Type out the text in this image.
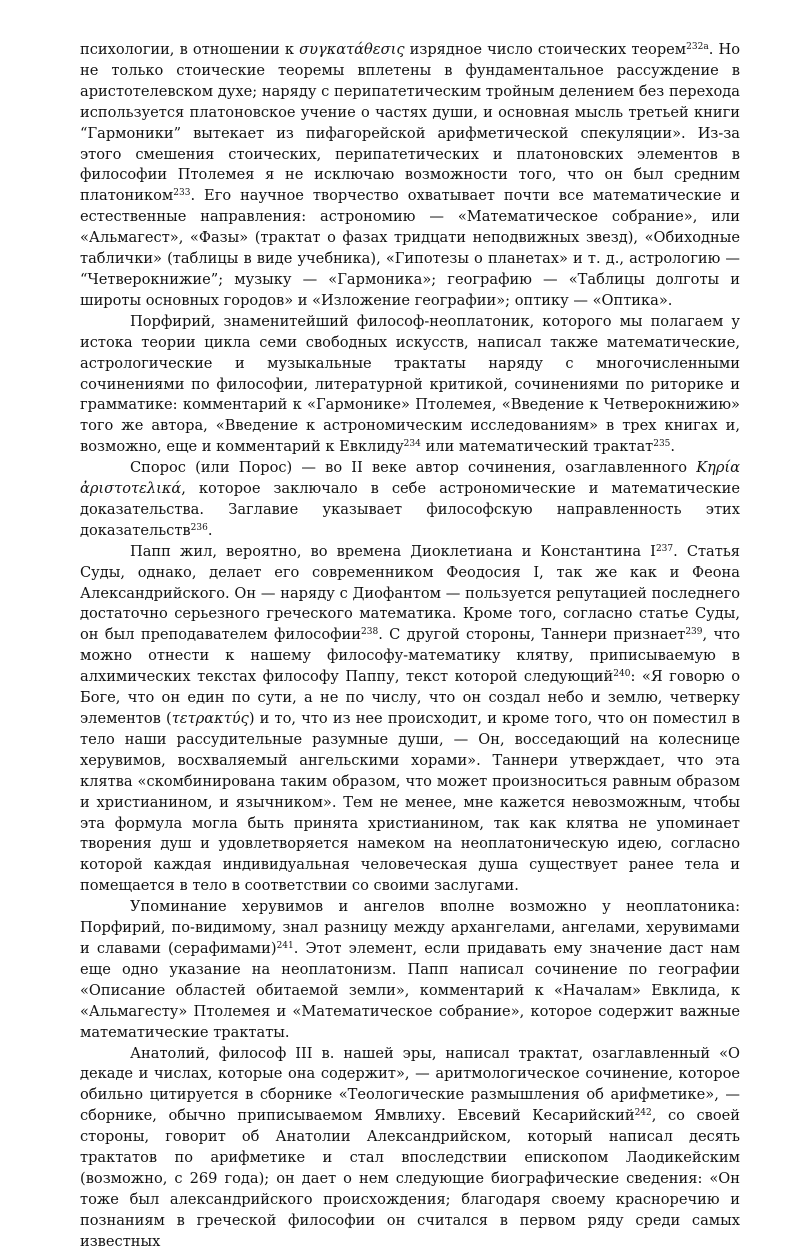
психологии, в отношении к συγκατάθεσις изрядное число стоических теорем$^{232а}$. Но не только стоические теоремы вплетены в фундаментальное рассуждение в аристотелевском духе; наряду с перипатетическим тройным делением без перехода используется платоновское учение о частях души, и основная мысль третьей книги “Гармоники” вытекает из пифагорейской арифметической спекуляции». Из-за этого смешения стоических, перипатетических и платоновских элементов в философии Птолемея я не исключаю возможности того, что он был средним платоником$^{233}$. Его научное творчество охватывает почти все математические и естественные направления: астрономию — «Математическое собрание», или «Альмагест», «Фазы» (трактат о фазах тридцати неподвижных звезд), «Обиходные таблички» (таблицы в виде учебника), «Гипотезы о планетах» и т. д., астрологию — “Четверокнижие”; музыку — «Гармоника»; географию — «Таблицы долготы и широты основных городов» и «Изложение географии»; оптику — «Оптика».

Порфирий, знаменитейший философ-неоплатоник, которого мы полагаем у истока теории цикла семи свободных искусств, написал также математические, астрологические и музыкальные трактаты наряду с многочисленными сочинениями по философии, литературной критикой, сочинениями по риторике и грамматике: комментарий к «Гармонике» Птолемея, «Введение к Четверокнижию» того же автора, «Введение к астрономическим исследованиям» в трех книгах и, возможно, еще и комментарий к Евклиду$^{234}$ или математический трактат$^{235}$.

Спорос (или Порос) — во II веке автор сочинения, озаглавленного Κηρία ἀριστοτελικά, которое заключало в себе астрономические и математические доказательства. Заглавие указывает философскую направленность этих доказательств$^{236}$.

Папп жил, вероятно, во времена Диоклетиана и Константина $I^{237}$. Статья Суды, однако, делает его современником Феодосия I, так же как и Феона Александрийского. Он — наряду с Диофантом — пользуется репутацией последнего достаточно серьезного греческого математика. Кроме того, согласно статье Суды, он был преподавателем философии$^{238}$. С другой стороны, Таннери признает$^{239}$, что можно отнести к нашему философу-математику клятву, приписываемую в алхимических текстах философу Паппу, текст которой следующий$^{240}$: «Я говорю о Боге, что он един по сути, а не по числу, что он создал небо и землю, четверку элементов (τετρακτύς) и то, что из нее происходит, и кроме того, что он поместил в тело наши рассудительные разумные души, — Он, восседающий на колеснице херувимов, восхваляемый ангельскими хорами». Таннери утверждает, что эта клятва «скомбинирована таким образом, что может произноситься равным образом и христианином, и язычником». Тем не менее, мне кажется невозможным, чтобы эта формула могла быть принята христианином, так как клятва не упоминает творения душ и удовлетворяется намеком на неоплатоническую идею, согласно которой каждая индивидуальная человеческая душа существует ранее тела и помещается в тело в соответствии со своими заслугами.

Упоминание херувимов и ангелов вполне возможно у неоплатоника: Порфирий, по-видимому, знал разницу между архангелами, ангелами, херувимами и славами (серафимами)$^{241}$. Этот элемент, если придавать ему значение даст нам еще одно указание на неоплатонизм. Папп написал сочинение по географии «Описание областей обитаемой земли», комментарий к «Началам» Евклида, к «Альмагесту» Птолемея и «Математическое собрание», которое содержит важные математические трактаты.

Анатолий, философ III в. нашей эры, написал трактат, озаглавленный «О декаде и числах, которые она содержит», — аритмологическое сочинение, которое обильно цитируется в сборнике «Теологические размышления об арифметике», — сборнике, обычно приписываемом Ямвлиху. Евсевий Кесарийский$^{242}$, со своей стороны, говорит об Анатолии Александрийском, который написал десять трактатов по арифметике и стал впоследствии епископом Лаодикейским (возможно, с 269 года); он дает о нем следующие биографические сведения: «Он тоже был александрийского происхождения; благодаря своему красноречию и познаниям в греческой философии он считался в первом ряду среди самых известных
